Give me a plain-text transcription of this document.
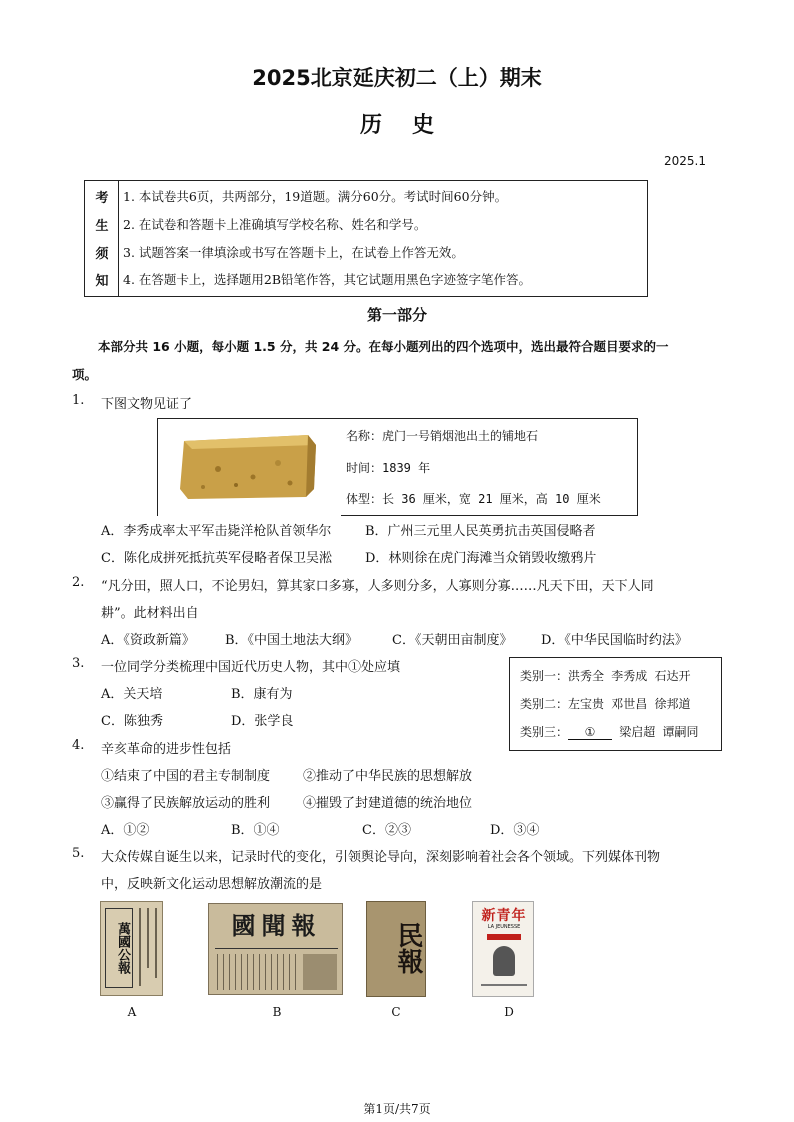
2025北京延庆初二（上）期末
历史
2025.1
考
生
须
知
1. 本试卷共6页，共两部分，19道题。满分60分。考试时间60分钟。
2. 在试卷和答题卡上准确填写学校名称、姓名和学号。
3. 试题答案一律填涂或书写在答题卡上，在试卷上作答无效。
4. 在答题卡上，选择题用2B铅笔作答，其它试题用黑色字迹签字笔作答。
第一部分
本部分共 16 小题，每小题 1.5 分，共 24 分。在每小题列出的四个选项中，选出最符合题目要求的一
项。
1. 下图文物见证了
名称：虎门一号销烟池出土的铺地石
时间：1839 年
体型：长 36 厘米，宽 21 厘米，高 10 厘米
A．李秀成率太平军击毙洋枪队首领华尔	B．广州三元里人民英勇抗击英国侵略者
C．陈化成拼死抵抗英军侵略者保卫吴淞	D．林则徐在虎门海滩当众销毁收缴鸦片
2. “凡分田，照人口，不论男妇，算其家口多寡，人多则分多，人寡则分寡……凡天下田，天下人同
耕”。此材料出自
A．《资政新篇》 B．《中国土地法大纲》	C．《天朝田亩制度》 D．《中华民国临时约法》
3. 一位同学分类梳理中国近代历史人物，其中①处应填
A．关天培	B．康有为
C．陈独秀	D．张学良
类别一：洪秀全 李秀成 石达开
类别二：左宝贵 邓世昌 徐邦道
类别三： ① 梁启超 谭嗣同
4. 辛亥革命的进步性包括
①结束了中国的君主专制制度	②推动了中华民族的思想解放
③赢得了民族解放运动的胜利	④摧毁了封建道德的统治地位
A．①②	B．①④	C．②③	D．③④
5. 大众传媒自诞生以来，记录时代的变化，引领舆论导向，深刻影响着社会各个领域。下列媒体刊物
中，反映新文化运动思想解放潮流的是
萬國公報
A
國聞報
B
民報
C
新青年
LA JEUNESSE
D
第1页/共7页
